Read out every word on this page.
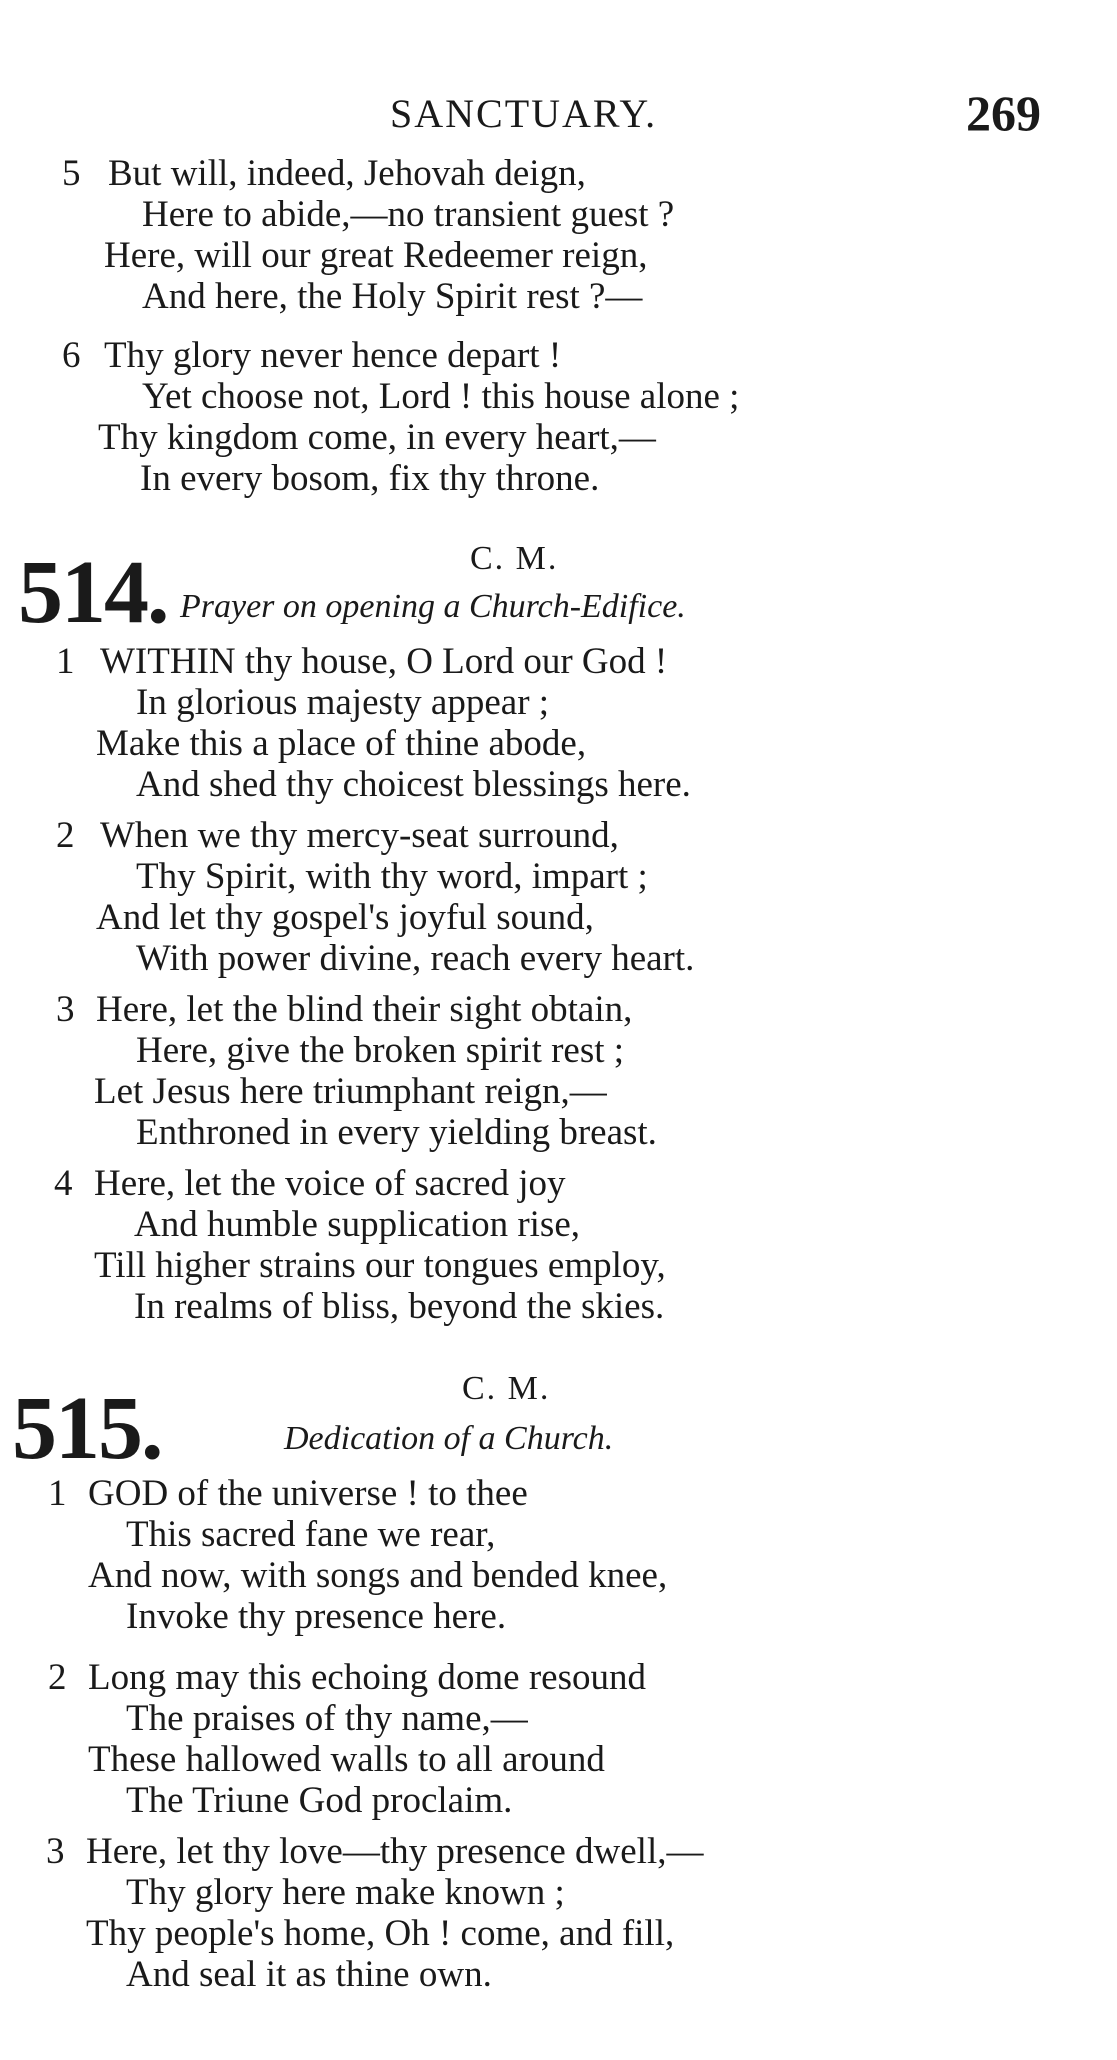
SANCTUARY.	269
5 But will, indeed, Jehovah deign,
Here to abide,—no transient guest ?
Here, will our great Redeemer reign,
And here, the Holy Spirit rest ?—
6 Thy glory never hence depart !
Yet choose not, Lord ! this house alone ;
Thy kingdom come, in every heart,—
In every bosom, fix thy throne.
514.	C. M.
Prayer on opening a Church-Edifice.
1 WITHIN thy house, O Lord our God !
In glorious majesty appear ;
Make this a place of thine abode,
And shed thy choicest blessings here.
2 When we thy mercy-seat surround,
Thy Spirit, with thy word, impart ;
And let thy gospel's joyful sound,
With power divine, reach every heart.
3 Here, let the blind their sight obtain,
Here, give the broken spirit rest ;
Let Jesus here triumphant reign,—
Enthroned in every yielding breast.
4 Here, let the voice of sacred joy
And humble supplication rise,
Till higher strains our tongues employ,
In realms of bliss, beyond the skies.
515.	C. M.
Dedication of a Church.
1 GOD of the universe ! to thee
This sacred fane we rear,
And now, with songs and bended knee,
Invoke thy presence here.
2 Long may this echoing dome resound
The praises of thy name,—
These hallowed walls to all around
The Triune God proclaim.
3 Here, let thy love—thy presence dwell,—
Thy glory here make known ;
Thy people's home, Oh ! come, and fill,
And seal it as thine own.
